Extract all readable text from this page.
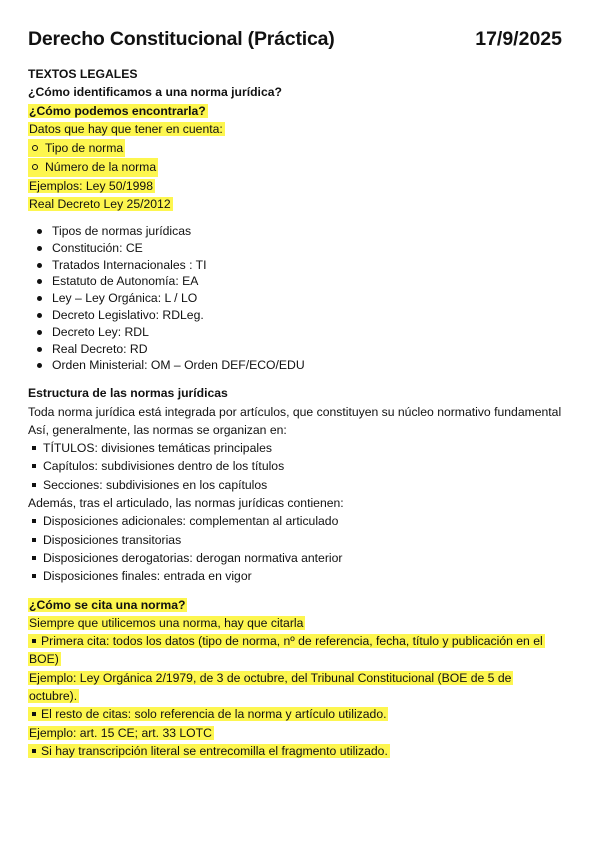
Derecho Constitucional (Práctica)	17/9/2025
TEXTOS LEGALES
¿Cómo identificamos a una norma jurídica?
¿Cómo podemos encontrarla?
Datos que hay que tener en cuenta:
Tipo de norma
Número de la norma
Ejemplos: Ley 50/1998
Real Decreto Ley 25/2012
Tipos de normas jurídicas
Constitución: CE
Tratados Internacionales : TI
Estatuto de Autonomía: EA
Ley – Ley Orgánica: L / LO
Decreto Legislativo: RDLeg.
Decreto Ley: RDL
Real Decreto: RD
Orden Ministerial: OM – Orden DEF/ECO/EDU
Estructura de las normas jurídicas
Toda norma jurídica está integrada por artículos, que constituyen su núcleo normativo fundamental
Así, generalmente, las normas se organizan en:
TÍTULOS: divisiones temáticas principales
Capítulos: subdivisiones dentro de los títulos
Secciones: subdivisiones en los capítulos
Además, tras el articulado, las normas jurídicas contienen:
Disposiciones adicionales: complementan al articulado
Disposiciones transitorias
Disposiciones derogatorias: derogan normativa anterior
Disposiciones finales: entrada en vigor
¿Cómo se cita una norma?
Siempre que utilicemos una norma, hay que citarla
Primera cita: todos los datos (tipo de norma, nº de referencia, fecha, título y publicación en el BOE)
Ejemplo: Ley Orgánica 2/1979, de 3 de octubre, del Tribunal Constitucional (BOE de 5 de octubre).
El resto de citas: solo referencia de la norma y artículo utilizado.
Ejemplo: art. 15 CE; art. 33 LOTC
Si hay transcripción literal se entrecomilla el fragmento utilizado.
